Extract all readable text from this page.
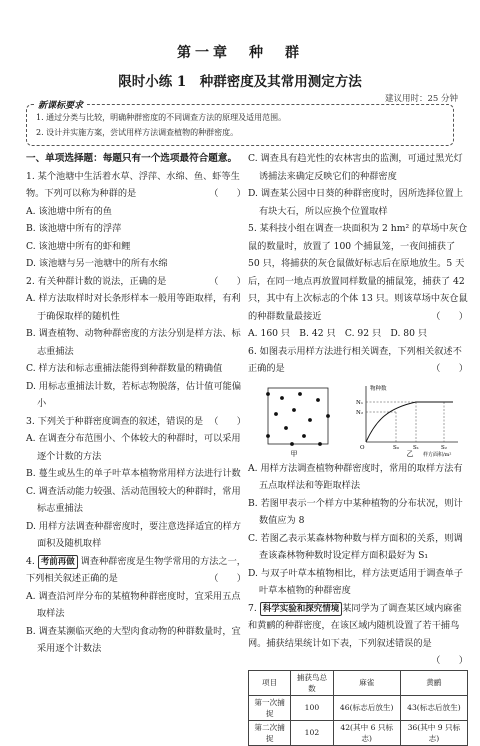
第一章　种　群
限时小练 1　种群密度及其常用测定方法
建议用时：25 分钟
新课标要求
1. 通过分类与比较，明确种群密度的不同调查方法的原理及适用范围。
2. 设计并实施方案，尝试用样方法调查植物的种群密度。

一、单项选择题：每题只有一个选项最符合题意。

1. 某个池塘中生活着水草、浮萍、水绵、鱼、虾等生物。下列可以称为种群的是	（　　）

A. 该池塘中所有的鱼

B. 该池塘中所有的浮萍

C. 该池塘中所有的虾和鲤

D. 该池塘与另一池塘中的所有水绵

2. 有关种群计数的说法，正确的是	（　　）

A. 样方法取样时对长条形样本一般用等距取样，有利于确保取样的随机性

B. 调查植物、动物种群密度的方法分别是样方法、标志重捕法

C. 样方法和标志重捕法能得到种群数量的精确值

D. 用标志重捕法计数，若标志物脱落，估计值可能偏小

3. 下列关于种群密度调查的叙述，错误的是 （　　）

A. 在调查分布范围小、个体较大的种群时，可以采用逐个计数的方法

B. 蔓生或丛生的单子叶草本植物常用样方法进行计数

C. 调查活动能力较强、活动范围较大的种群时，常用标志重捕法

D. 用样方法调查种群密度时，要注意选择适宜的样方面积及随机取样

4. 考前再做 调查种群密度是生物学常用的方法之一，下列相关叙述正确的是	（　　）

A. 调查沿河岸分布的某植物种群密度时，宜采用五点取样法

B. 调查某濒临灭绝的大型肉食动物的种群数量时，宜采用逐个计数法

C. 调查具有趋光性的农林害虫的监测，可通过黑光灯诱捕法来确定反映它们的种群密度

D. 调查某公园中日葵的种群密度时，因所选择位置上有块大石，所以应换个位置取样

5. 某科技小组在调查一块面积为 2 hm² 的草场中灰仓鼠的数量时，放置了 100 个捕鼠笼，一夜间捕获了 50 只，将捕获的灰仓鼠做好标志后在原地放生。5 天后，在同一地点再放置同样数量的捕鼠笼，捕获了 42 只，其中有上次标志的个体 13 只。则该草场中灰仓鼠的种群数量最接近	（　　）

A. 160 只　B. 42 只　C. 92 只　D. 80 只

6. 如图表示用样方法进行相关调查，下列相关叙述不正确的是	（　　）

甲
物种数
O
N₁
N₂
S₀	S₁	S₂
样方面积/m²
乙

A. 用样方法调查植物种群密度时，常用的取样方法有五点取样法和等距取样法

B. 若图甲表示一个样方中某种植物的分布状况，则计数值应为 8

C. 若图乙表示某森林物种数与样方面积的关系，则调查该森林物种数时设定样方面积最好为 S₁

D. 与双子叶草本植物相比，样方法更适用于调查单子叶草本植物的种群密度

7. 科学实验和探究情境 某同学为了调查某区域内麻雀和黄鹂的种群密度，在该区域内随机设置了若干捕鸟网。捕获结果统计如下表，下列叙述错误的是
（　　）

项目	捕获鸟总数	麻雀	黄鹂
第一次捕捉	100	46(标志后放生)	43(标志后放生)
第二次捕捉	102	42(其中 6 只标志)	36(其中 9 只标志)
